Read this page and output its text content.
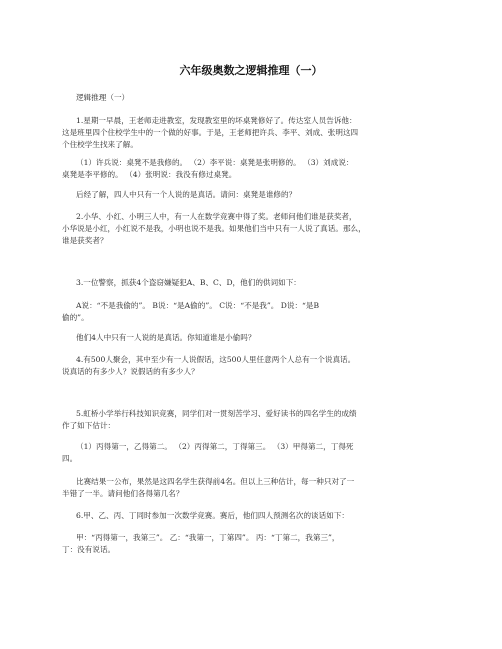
六年级奥数之逻辑推理（一）
逻辑推理（一）
1.星期一早晨，王老师走进教室，发现教室里的坏桌凳修好了。传达室人员告诉他：
这是班里四个住校学生中的一个做的好事。于是，王老师把许兵、李平、刘成、张明这四
个住校学生找来了解。
（1）许兵说：桌凳不是我修的。 （2）李平说：桌凳是张明修的。 （3）刘成说：
桌凳是李平修的。 （4）张明说：我没有修过桌凳。
后经了解，四人中只有一个人说的是真话。请问：桌凳是谁修的？
2.小华、小红、小明三人中，有一人在数学竞赛中得了奖。老师问他们谁是获奖者，
小华说是小红，小红说不是我，小明也说不是我。如果他们当中只有一人说了真话。那么，
谁是获奖者？
3.一位警察，抓获4个盗窃嫌疑犯A、B、C、D，他们的供词如下：
A说：“不是我偷的”。 B说：“是A偷的”。 C说：“不是我”。 D说：“是B
偷的”。
他们4人中只有一人说的是真话。你知道谁是小偷吗？
4.有500人聚会，其中至少有一人说假话，这500人里任意两个人总有一个说真话。
说真话的有多少人？说假话的有多少人？
5.虹桥小学举行科技知识竞赛，同学们对一贯刻苦学习、爱好读书的四名学生的成绩
作了如下估计：
（1）丙得第一，乙得第二。 （2）丙得第二，丁得第三。 （3）甲得第二，丁得死
四。
比赛结果一公布，果然是这四名学生获得前4名。但以上三种估计，每一种只对了一
半错了一半。请问他们各得第几名？
6.甲、乙、丙、丁同时参加一次数学竞赛。赛后，他们四人预测名次的谈话如下：
甲：“丙得第一，我第三”。 乙：“我第一，丁第四”。 丙：“丁第二，我第三”，
丁：没有说话。
